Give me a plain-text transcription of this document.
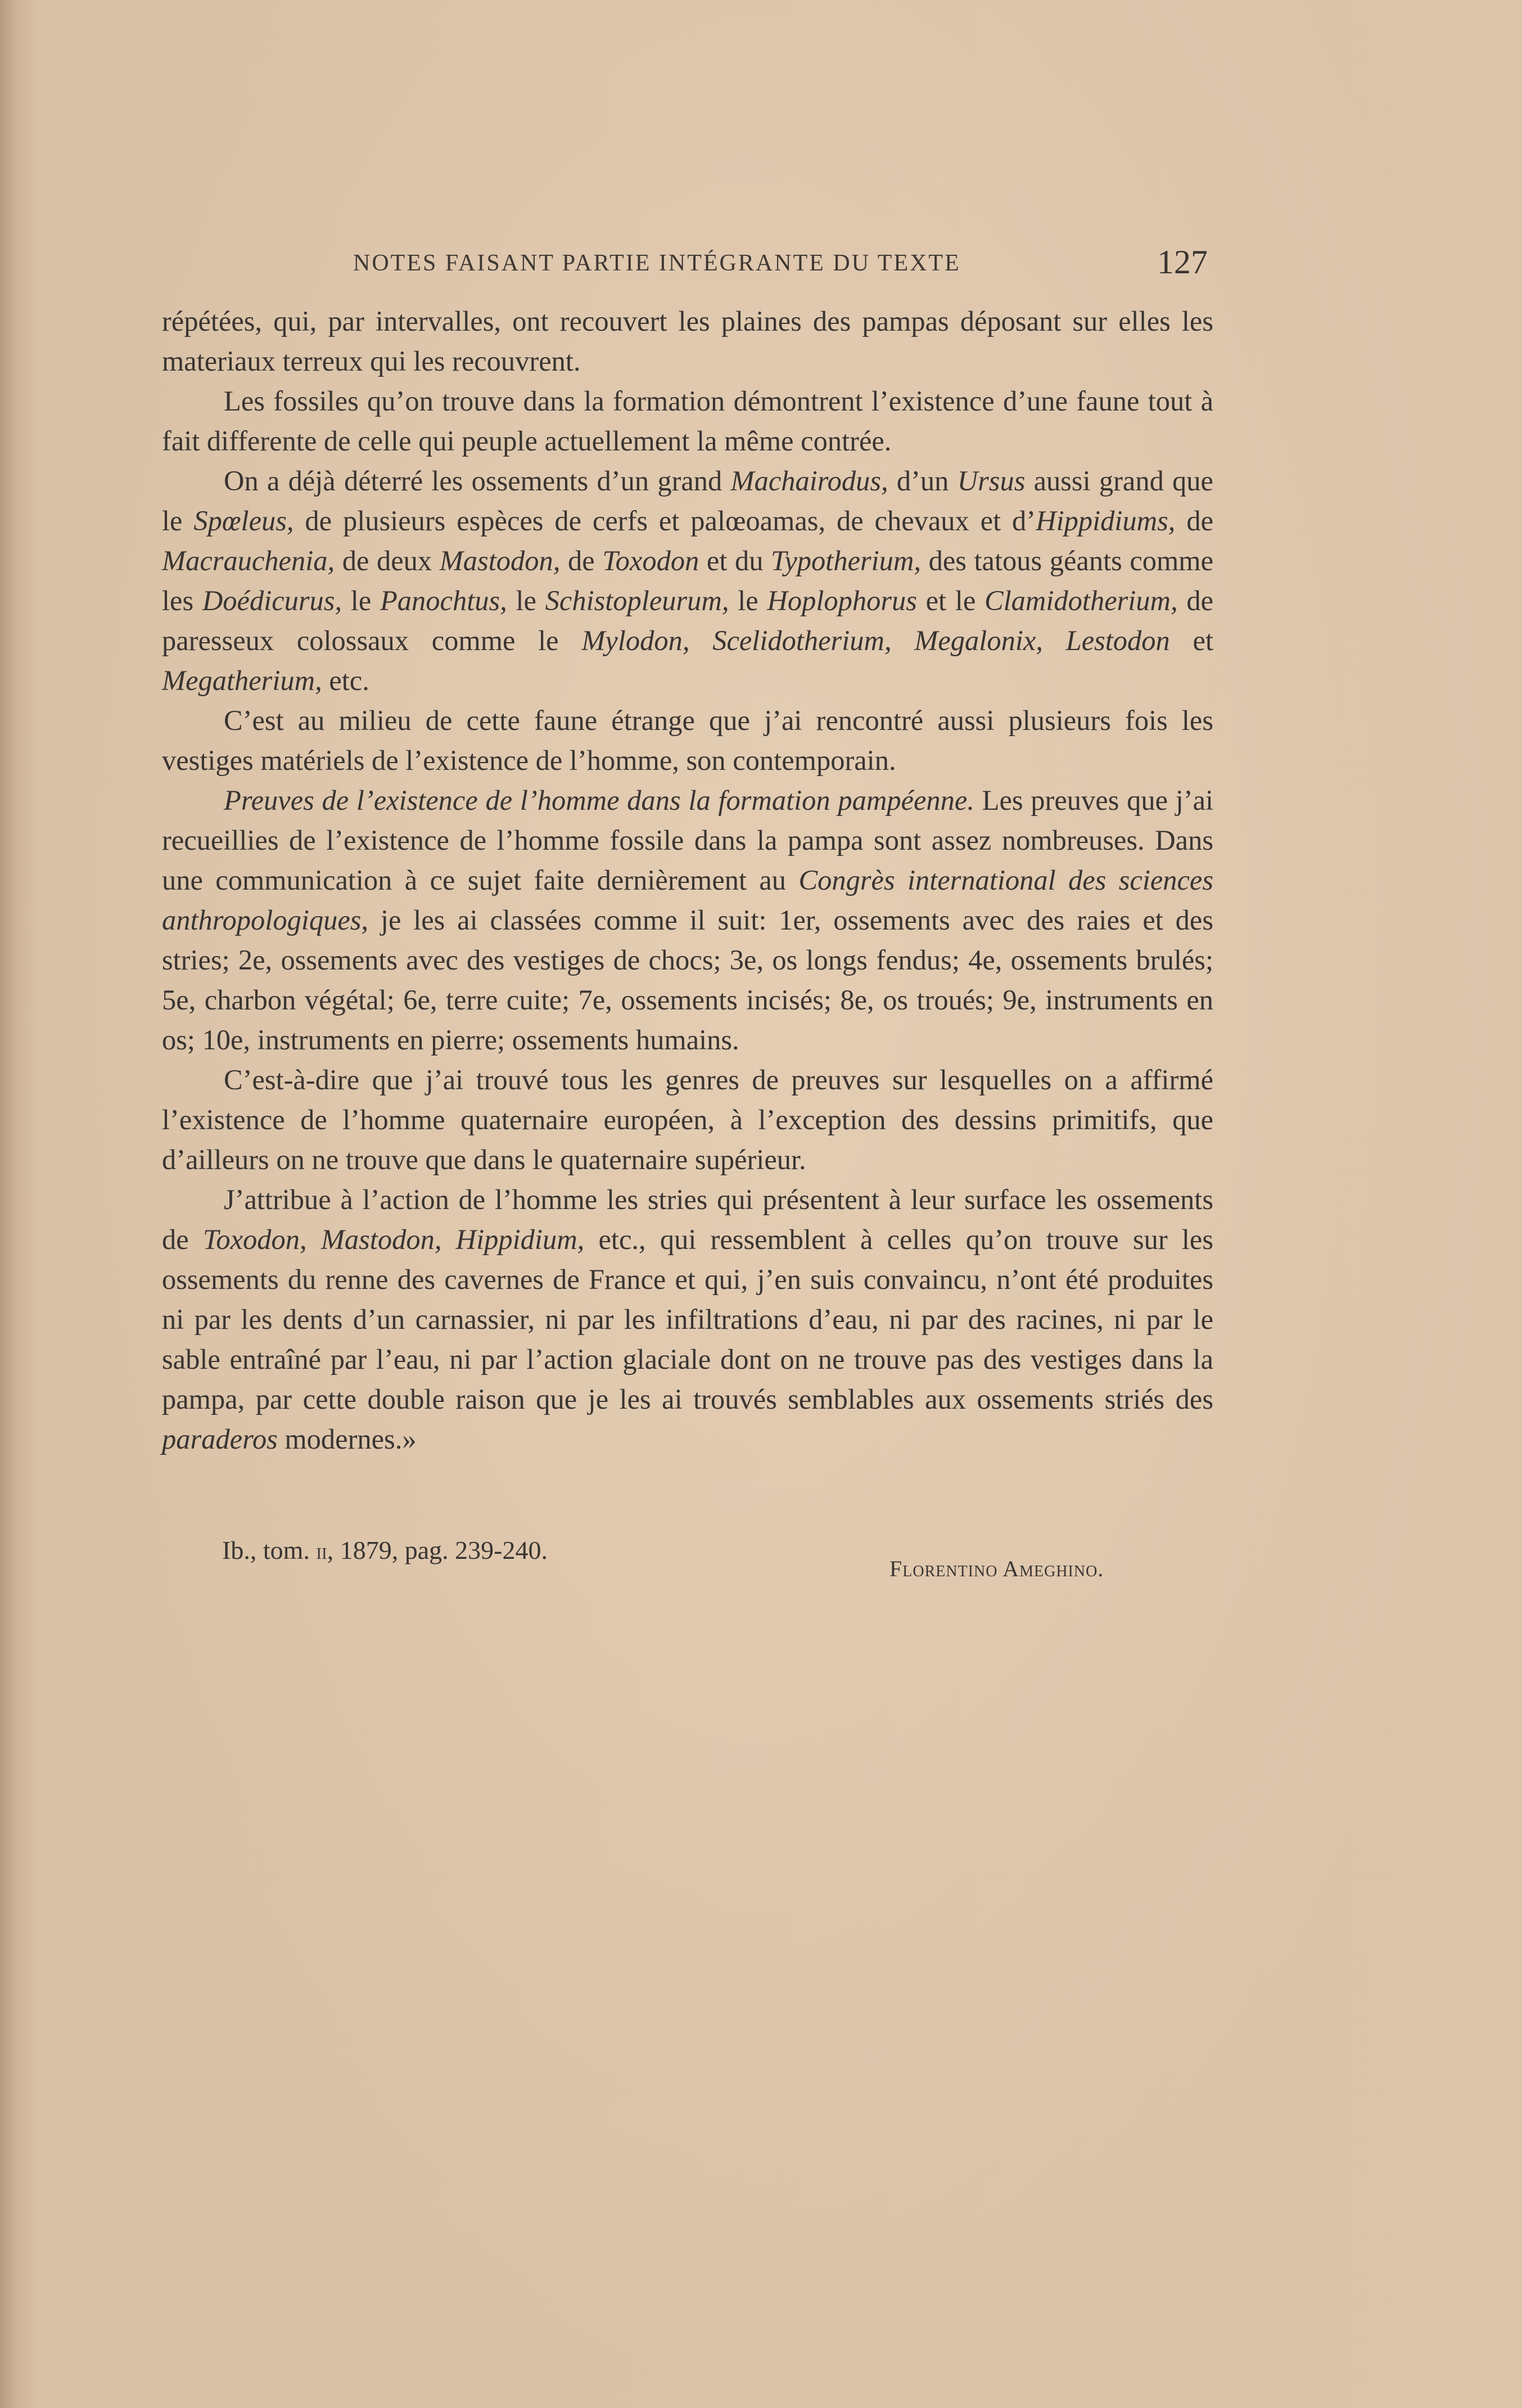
NOTES FAISANT PARTIE INTÉGRANTE DU TEXTE	127

répétées, qui, par intervalles, ont recouvert les plaines des pampas déposant sur elles les materiaux terreux qui les recouvrent.

Les fossiles qu’on trouve dans la formation démontrent l’existence d’une faune tout à fait differente de celle qui peuple actuellement la même contrée.

On a déjà déterré les ossements d’un grand Machairodus, d’un Ursus aussi grand que le Spœleus, de plusieurs espèces de cerfs et palœoamas, de chevaux et d’Hippidiums, de Macrauchenia, de deux Mastodon, de Toxodon et du Typotherium, des tatous géants comme les Doédicurus, le Panochtus, le Schistopleurum, le Hoplophorus et le Clamidotherium, de paresseux colossaux comme le Mylodon, Scelidotherium, Megalonix, Lestodon et Megatherium, etc.

C’est au milieu de cette faune étrange que j’ai rencontré aussi plusieurs fois les vestiges matériels de l’existence de l’homme, son contemporain.

Preuves de l’existence de l’homme dans la formation pampéenne. Les preuves que j’ai recueillies de l’existence de l’homme fossile dans la pampa sont assez nombreuses. Dans une communication à ce sujet faite dernièrement au Congrès international des sciences anthropologiques, je les ai classées comme il suit: 1er, ossements avec des raies et des stries; 2e, ossements avec des vestiges de chocs; 3e, os longs fendus; 4e, ossements brulés; 5e, charbon végétal; 6e, terre cuite; 7e, ossements incisés; 8e, os troués; 9e, instruments en os; 10e, instruments en pierre; ossements humains.

C’est-à-dire que j’ai trouvé tous les genres de preuves sur lesquelles on a affirmé l’existence de l’homme quaternaire européen, à l’exception des dessins primitifs, que d’ailleurs on ne trouve que dans le quaternaire supérieur.

J’attribue à l’action de l’homme les stries qui présentent à leur surface les ossements de Toxodon, Mastodon, Hippidium, etc., qui ressemblent à celles qu’on trouve sur les ossements du renne des cavernes de France et qui, j’en suis convaincu, n’ont été produites ni par les dents d’un carnassier, ni par les infiltrations d’eau, ni par des racines, ni par le sable entraîné par l’eau, ni par l’action glaciale dont on ne trouve pas des vestiges dans la pampa, par cette double raison que je les ai trouvés semblables aux ossements striés des paraderos modernes.»

Ib., tom. ii, 1879, pag. 239-240.
Florentino Ameghino.
